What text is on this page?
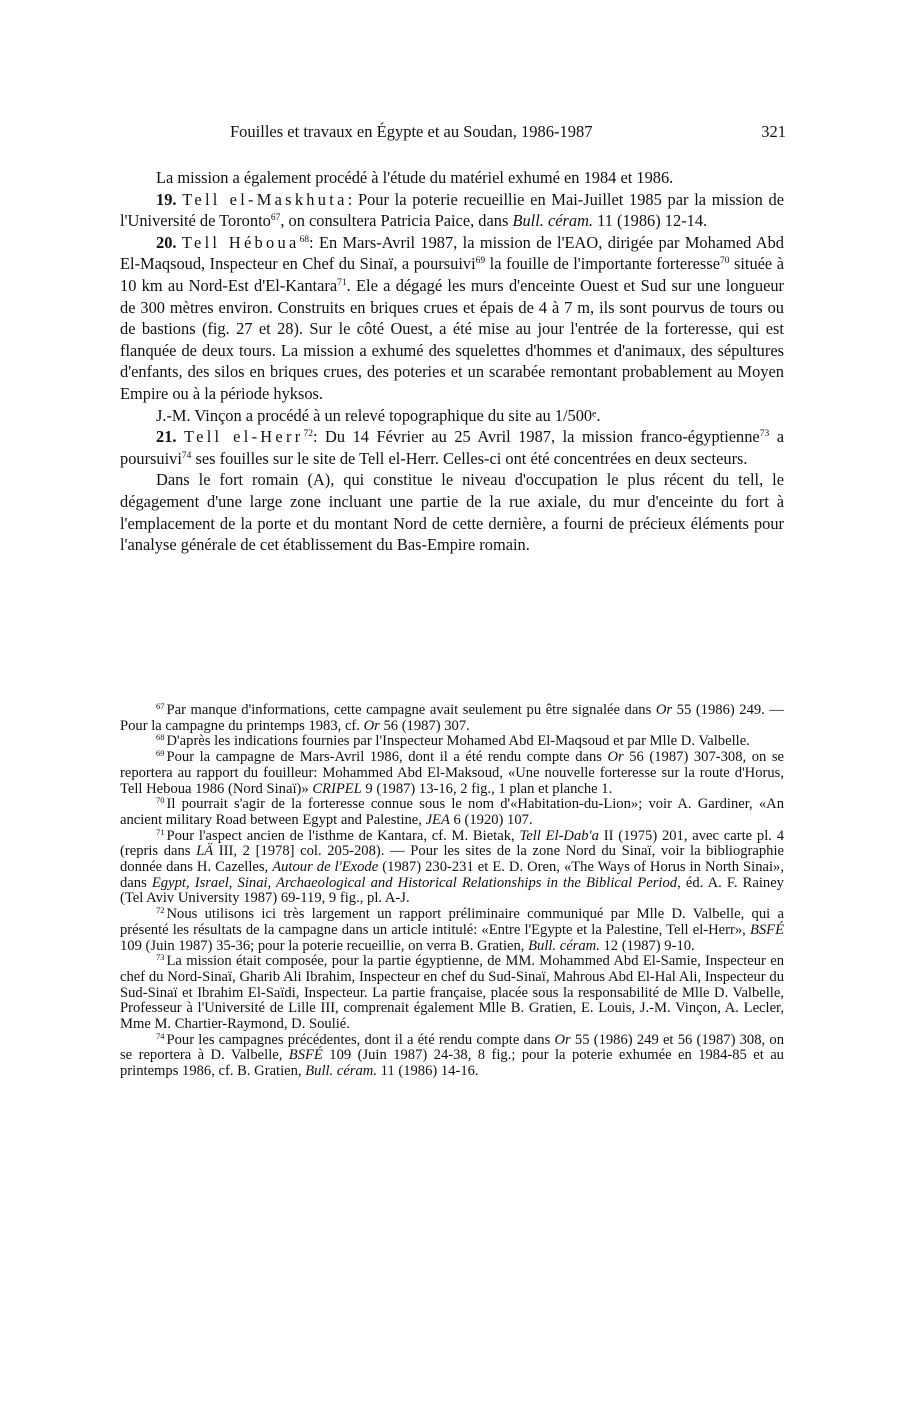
Fouilles et travaux en Égypte et au Soudan, 1986-1987	321

La mission a également procédé à l'étude du matériel exhumé en 1984 et 1986.

19. Tell el-Maskhuta: Pour la poterie recueillie en Mai-Juillet 1985 par la mission de l'Université de Toronto$^{67}$, on consultera Patricia Paice, dans Bull. céram. 11 (1986) 12-14.

20. Tell Héboua$^{68}$: En Mars-Avril 1987, la mission de l'EAO, dirigée par Mohamed Abd El-Maqsoud, Inspecteur en Chef du Sinaï, a poursuivi$^{69}$ la fouille de l'importante forteresse$^{70}$ située à 10 km au Nord-Est d'El-Kantara$^{71}$. Ele a dégagé les murs d'enceinte Ouest et Sud sur une longueur de 300 mètres environ. Construits en briques crues et épais de 4 à 7 m, ils sont pourvus de tours ou de bastions (fig. 27 et 28). Sur le côté Ouest, a été mise au jour l'entrée de la forteresse, qui est flanquée de deux tours. La mission a exhumé des squelettes d'hommes et d'animaux, des sépultures d'enfants, des silos en briques crues, des poteries et un scarabée remontant probablement au Moyen Empire ou à la période hyksos.

J.-M. Vinçon a procédé à un relevé topographique du site au 1/500ᵉ.

21. Tell el-Herr$^{72}$: Du 14 Février au 25 Avril 1987, la mission franco-égyptienne$^{73}$ a poursuivi$^{74}$ ses fouilles sur le site de Tell el-Herr. Celles-ci ont été concentrées en deux secteurs.

Dans le fort romain (A), qui constitue le niveau d'occupation le plus récent du tell, le dégagement d'une large zone incluant une partie de la rue axiale, du mur d'enceinte du fort à l'emplacement de la porte et du montant Nord de cette dernière, a fourni de précieux éléments pour l'analyse générale de cet établissement du Bas-Empire romain.

$^{67}$ Par manque d'informations, cette campagne avait seulement pu être signalée dans Or 55 (1986) 249. — Pour la campagne du printemps 1983, cf. Or 56 (1987) 307.

$^{68}$ D'après les indications fournies par l'Inspecteur Mohamed Abd El-Maqsoud et par Mlle D. Valbelle.

$^{69}$ Pour la campagne de Mars-Avril 1986, dont il a été rendu compte dans Or 56 (1987) 307-308, on se reportera au rapport du fouilleur: Mohammed Abd El-Maksoud, «Une nouvelle forteresse sur la route d'Horus, Tell Heboua 1986 (Nord Sinaï)» CRIPEL 9 (1987) 13-16, 2 fig., 1 plan et planche 1.

$^{70}$ Il pourrait s'agir de la forteresse connue sous le nom d'«Habitation-du-Lion»; voir A. Gardiner, «An ancient military Road between Egypt and Palestine, JEA 6 (1920) 107.

$^{71}$ Pour l'aspect ancien de l'isthme de Kantara, cf. M. Bietak, Tell El-Dab'a II (1975) 201, avec carte pl. 4 (repris dans LÄ III, 2 [1978] col. 205-208). — Pour les sites de la zone Nord du Sinaï, voir la bibliographie donnée dans H. Cazelles, Autour de l'Exode (1987) 230-231 et E. D. Oren, «The Ways of Horus in North Sinai», dans Egypt, Israel, Sinai, Archaeological and Historical Relationships in the Biblical Period, éd. A. F. Rainey (Tel Aviv University 1987) 69-119, 9 fig., pl. A-J.

$^{72}$ Nous utilisons ici très largement un rapport préliminaire communiqué par Mlle D. Valbelle, qui a présenté les résultats de la campagne dans un article intitulé: «Entre l'Egypte et la Palestine, Tell el-Herr», BSFÉ 109 (Juin 1987) 35-36; pour la poterie recueillie, on verra B. Gratien, Bull. céram. 12 (1987) 9-10.

$^{73}$ La mission était composée, pour la partie égyptienne, de MM. Mohammed Abd El-Samie, Inspecteur en chef du Nord-Sinaï, Gharib Ali Ibrahim, Inspecteur en chef du Sud-Sinaï, Mahrous Abd El-Hal Ali, Inspecteur du Sud-Sinaï et Ibrahim El-Saïdi, Inspecteur. La partie française, placée sous la responsabilité de Mlle D. Valbelle, Professeur à l'Université de Lille III, comprenait également Mlle B. Gratien, E. Louis, J.-M. Vinçon, A. Lecler, Mme M. Chartier-Raymond, D. Soulié.

$^{74}$ Pour les campagnes précédentes, dont il a été rendu compte dans Or 55 (1986) 249 et 56 (1987) 308, on se reportera à D. Valbelle, BSFÉ 109 (Juin 1987) 24-38, 8 fig.; pour la poterie exhumée en 1984-85 et au printemps 1986, cf. B. Gratien, Bull. céram. 11 (1986) 14-16.
